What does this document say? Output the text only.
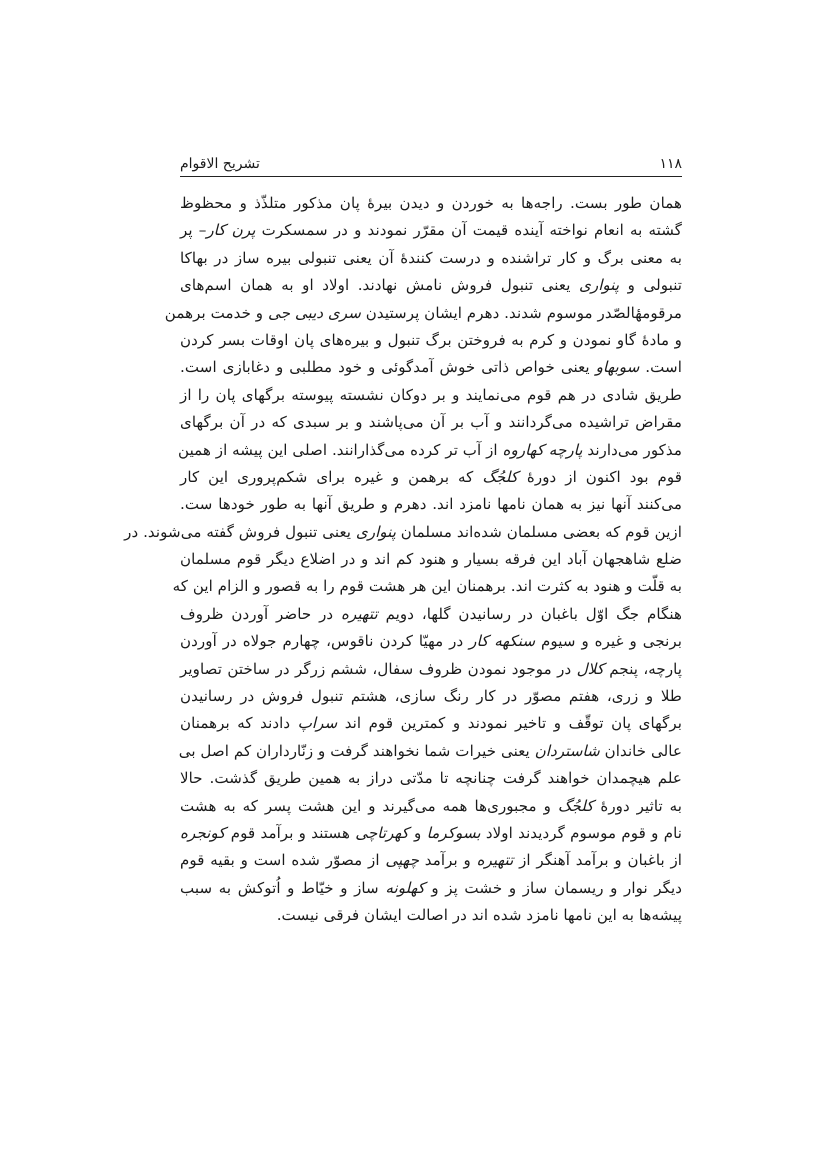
۱۱۸
تشریح الاقوام
همان طور بست. راجه‌ها به خوردن و دیدن بیرهٔ پان مذکور متلذّذ و محظوظ
گشته به انعام نواخته آینده قیمت آن مقرّر نمودند و در سمسکرت پرن کار– پر
به معنی برگ و کار تراشنده و درست کنندهٔ آن یعنی تنبولی بیره ساز در بهاکا
تنبولی و پنواری یعنی تنبول فروش نامش نهادند. اولاد او به همان اسم‌های
مرقومهٔالصّدر موسوم شدند. دهرم ایشان پرستیدن سری دیبی جی و خدمت برهمن
و مادهٔ گاو نمودن و کرم به فروختن برگ تنبول و بیره‌های پان اوقات بسر کردن
است. سوبهاو یعنی خواص ذاتی خوش آمدگوئی و خود مطلبی و دغابازی است.
طریق شادی در هم قوم می‌نمایند و بر دوکان نشسته پیوسته برگهای پان را از
مقراض تراشیده می‌گردانند و آب بر آن می‌پاشند و بر سبدی که در آن برگهای
مذکور می‌دارند پارچه کهاروه از آب تر کرده می‌گذارانند. اصلی این پیشه از همین
قوم بود اکنون از دورهٔ کلجُگ که برهمن و غیره برای شکم‌پروری این کار
می‌کنند آنها نیز به همان نامها نامزد اند. دهرم و طریق آنها به طور خودها ست.
ازین قوم که بعضی مسلمان شده‌اند مسلمان پنواری یعنی تنبول فروش گفته می‌شوند. در
ضلع شاهجهان آباد این فرقه بسیار و هنود کم اند و در اضلاع دیگر قوم مسلمان
به قلّت و هنود به کثرت اند. برهمنان این هر هشت قوم را به قصور و الزام این که
هنگام جگ اوّل باغبان در رسانیدن گلها، دویم تتهیره در حاضر آوردن ظروف
برنجی و غیره و سیوم سنکهه کار در مهیّا کردن ناقوس، چهارم جولاه در آوردن
پارچه، پنجم کلال در موجود نمودن ظروف سفال، ششم زرگر در ساختن تصاویر
طلا و زری، هفتم مصوّر در کار رنگ سازی، هشتم تنبول فروش در رسانیدن
برگهای پان توقّف و تاخیر نمودند و کمترین قوم اند سراپ دادند که برهمنان
عالی خاندان شاستردان یعنی خیرات شما نخواهند گرفت و زنّارداران کم اصل بی
علم هیچمدان خواهند گرفت چنانچه تا مدّتی دراز به همین طریق گذشت. حالا
به تاثیر دورهٔ کلجُگ و مجبوری‌ها همه می‌گیرند و این هشت پسر که به هشت
نام و قوم موسوم گردیدند اولاد بسوکرما و کهرتاچی هستند و برآمد قوم کونجره
از باغبان و برآمد آهنگر از تتهیره و برآمد چهپی از مصوّر شده است و بقیه قوم
دیگر نوار و ریسمان ساز و خشت پز و کهلونه ساز و خیّاط و اُتوکش به سبب
پیشه‌ها به این نامها نامزد شده اند در اصالت ایشان فرقی نیست.
